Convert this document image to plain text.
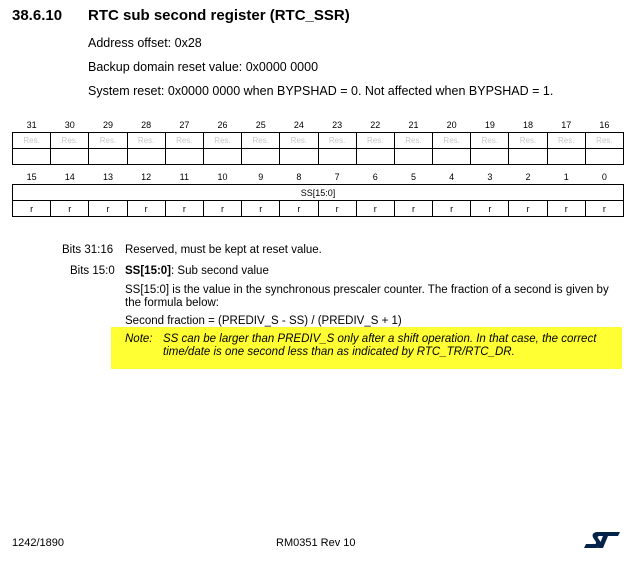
38.6.10 RTC sub second register (RTC_SSR)
Address offset: 0x28
Backup domain reset value: 0x0000 0000
System reset: 0x0000 0000 when BYPSHAD = 0. Not affected when BYPSHAD = 1.
31	30	29	28	27	26	25	24	23	22	21	20	19	18	17	16
Res.	Res.	Res.	Res.	Res.	Res.	Res.	Res.	Res.	Res.	Res.	Res.	Res.	Res.	Res.	Res.

15	14	13	12	11	10	9	8	7	6	5	4	3	2	1	0
SS[15:0]															
r	r	r	r	r	r	r	r	r	r	r	r	r	r	r	r
Bits 31:16 Reserved, must be kept at reset value.
Bits 15:0 SS[15:0]: Sub second value
SS[15:0] is the value in the synchronous prescaler counter. The fraction of a second is given by the formula below:
Second fraction = (PREDIV_S - SS) / (PREDIV_S + 1)
Note: SS can be larger than PREDIV_S only after a shift operation. In that case, the correct time/date is one second less than as indicated by RTC_TR/RTC_DR.
1242/1890	RM0351 Rev 10
